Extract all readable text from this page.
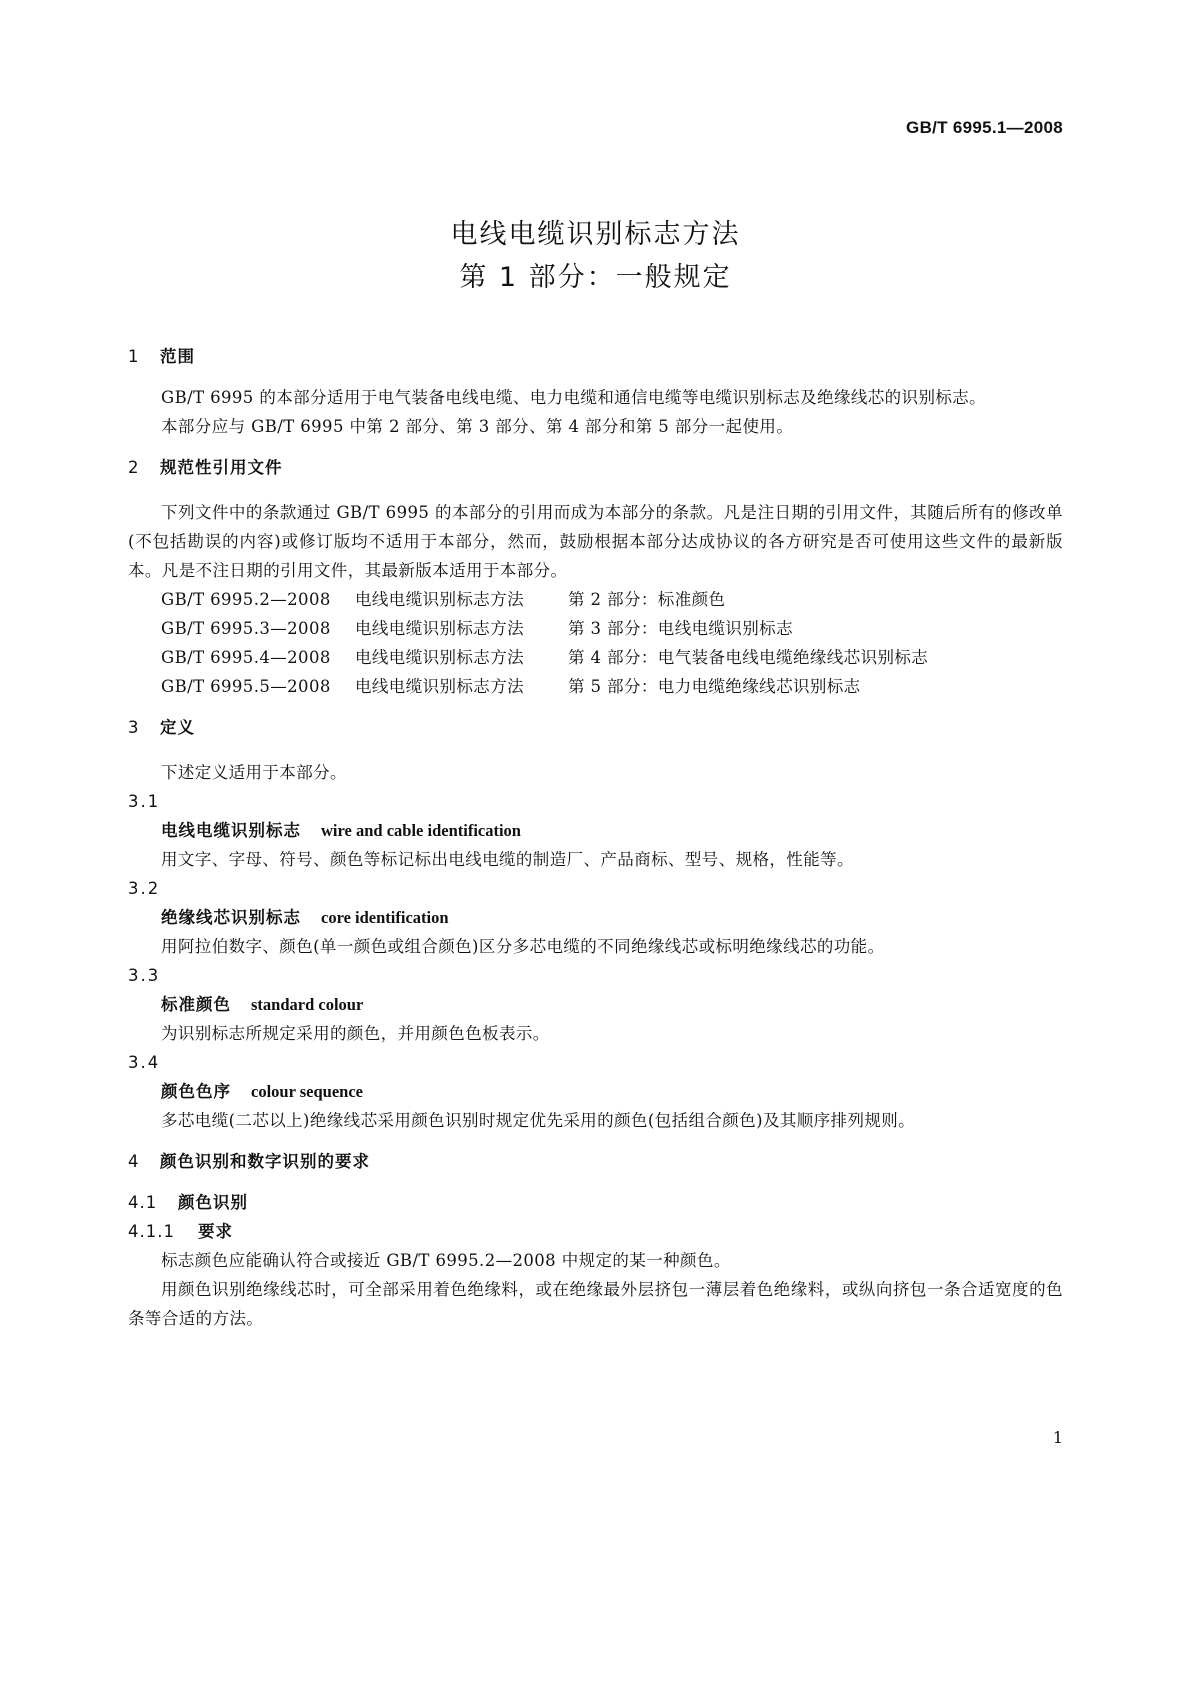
GB/T 6995.1—2008
电线电缆识别标志方法
第 1 部分：一般规定
1 范围
GB/T 6995 的本部分适用于电气装备电线电缆、电力电缆和通信电缆等电缆识别标志及绝缘线芯的识别标志。
本部分应与 GB/T 6995 中第 2 部分、第 3 部分、第 4 部分和第 5 部分一起使用。
2 规范性引用文件
下列文件中的条款通过 GB/T 6995 的本部分的引用而成为本部分的条款。凡是注日期的引用文件，其随后所有的修改单(不包括勘误的内容)或修订版均不适用于本部分，然而，鼓励根据本部分达成协议的各方研究是否可使用这些文件的最新版本。凡是不注日期的引用文件，其最新版本适用于本部分。
GB/T 6995.2—2008 电线电缆识别标志方法	第 2 部分：标准颜色
GB/T 6995.3—2008 电线电缆识别标志方法	第 3 部分：电线电缆识别标志
GB/T 6995.4—2008 电线电缆识别标志方法	第 4 部分：电气装备电线电缆绝缘线芯识别标志
GB/T 6995.5—2008 电线电缆识别标志方法	第 5 部分：电力电缆绝缘线芯识别标志
3 定义
下述定义适用于本部分。
3.1
电线电缆识别标志 wire and cable identification
用文字、字母、符号、颜色等标记标出电线电缆的制造厂、产品商标、型号、规格，性能等。
3.2
绝缘线芯识别标志 core identification
用阿拉伯数字、颜色(单一颜色或组合颜色)区分多芯电缆的不同绝缘线芯或标明绝缘线芯的功能。
3.3
标准颜色 standard colour
为识别标志所规定采用的颜色，并用颜色色板表示。
3.4
颜色色序 colour sequence
多芯电缆(二芯以上)绝缘线芯采用颜色识别时规定优先采用的颜色(包括组合颜色)及其顺序排列规则。
4 颜色识别和数字识别的要求
4.1 颜色识别
4.1.1 要求
标志颜色应能确认符合或接近 GB/T 6995.2—2008 中规定的某一种颜色。
用颜色识别绝缘线芯时，可全部采用着色绝缘料，或在绝缘最外层挤包一薄层着色绝缘料，或纵向挤包一条合适宽度的色条等合适的方法。
1
